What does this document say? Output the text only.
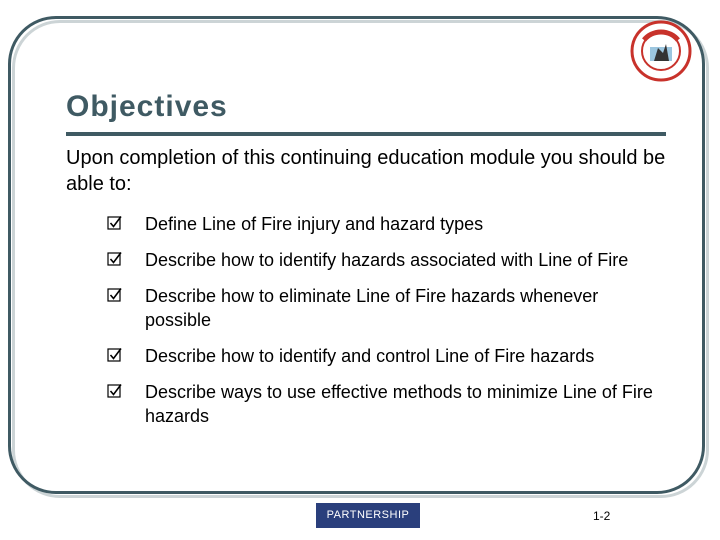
Objectives
Upon completion of this continuing education module you should be able to:
Define Line of Fire injury and hazard types
Describe how to identify hazards associated with Line of Fire
Describe how to eliminate Line of Fire hazards whenever possible
Describe how to identify and control Line of Fire hazards
Describe ways to use effective methods to minimize Line of Fire hazards
PARTNERSHIP	1-2
